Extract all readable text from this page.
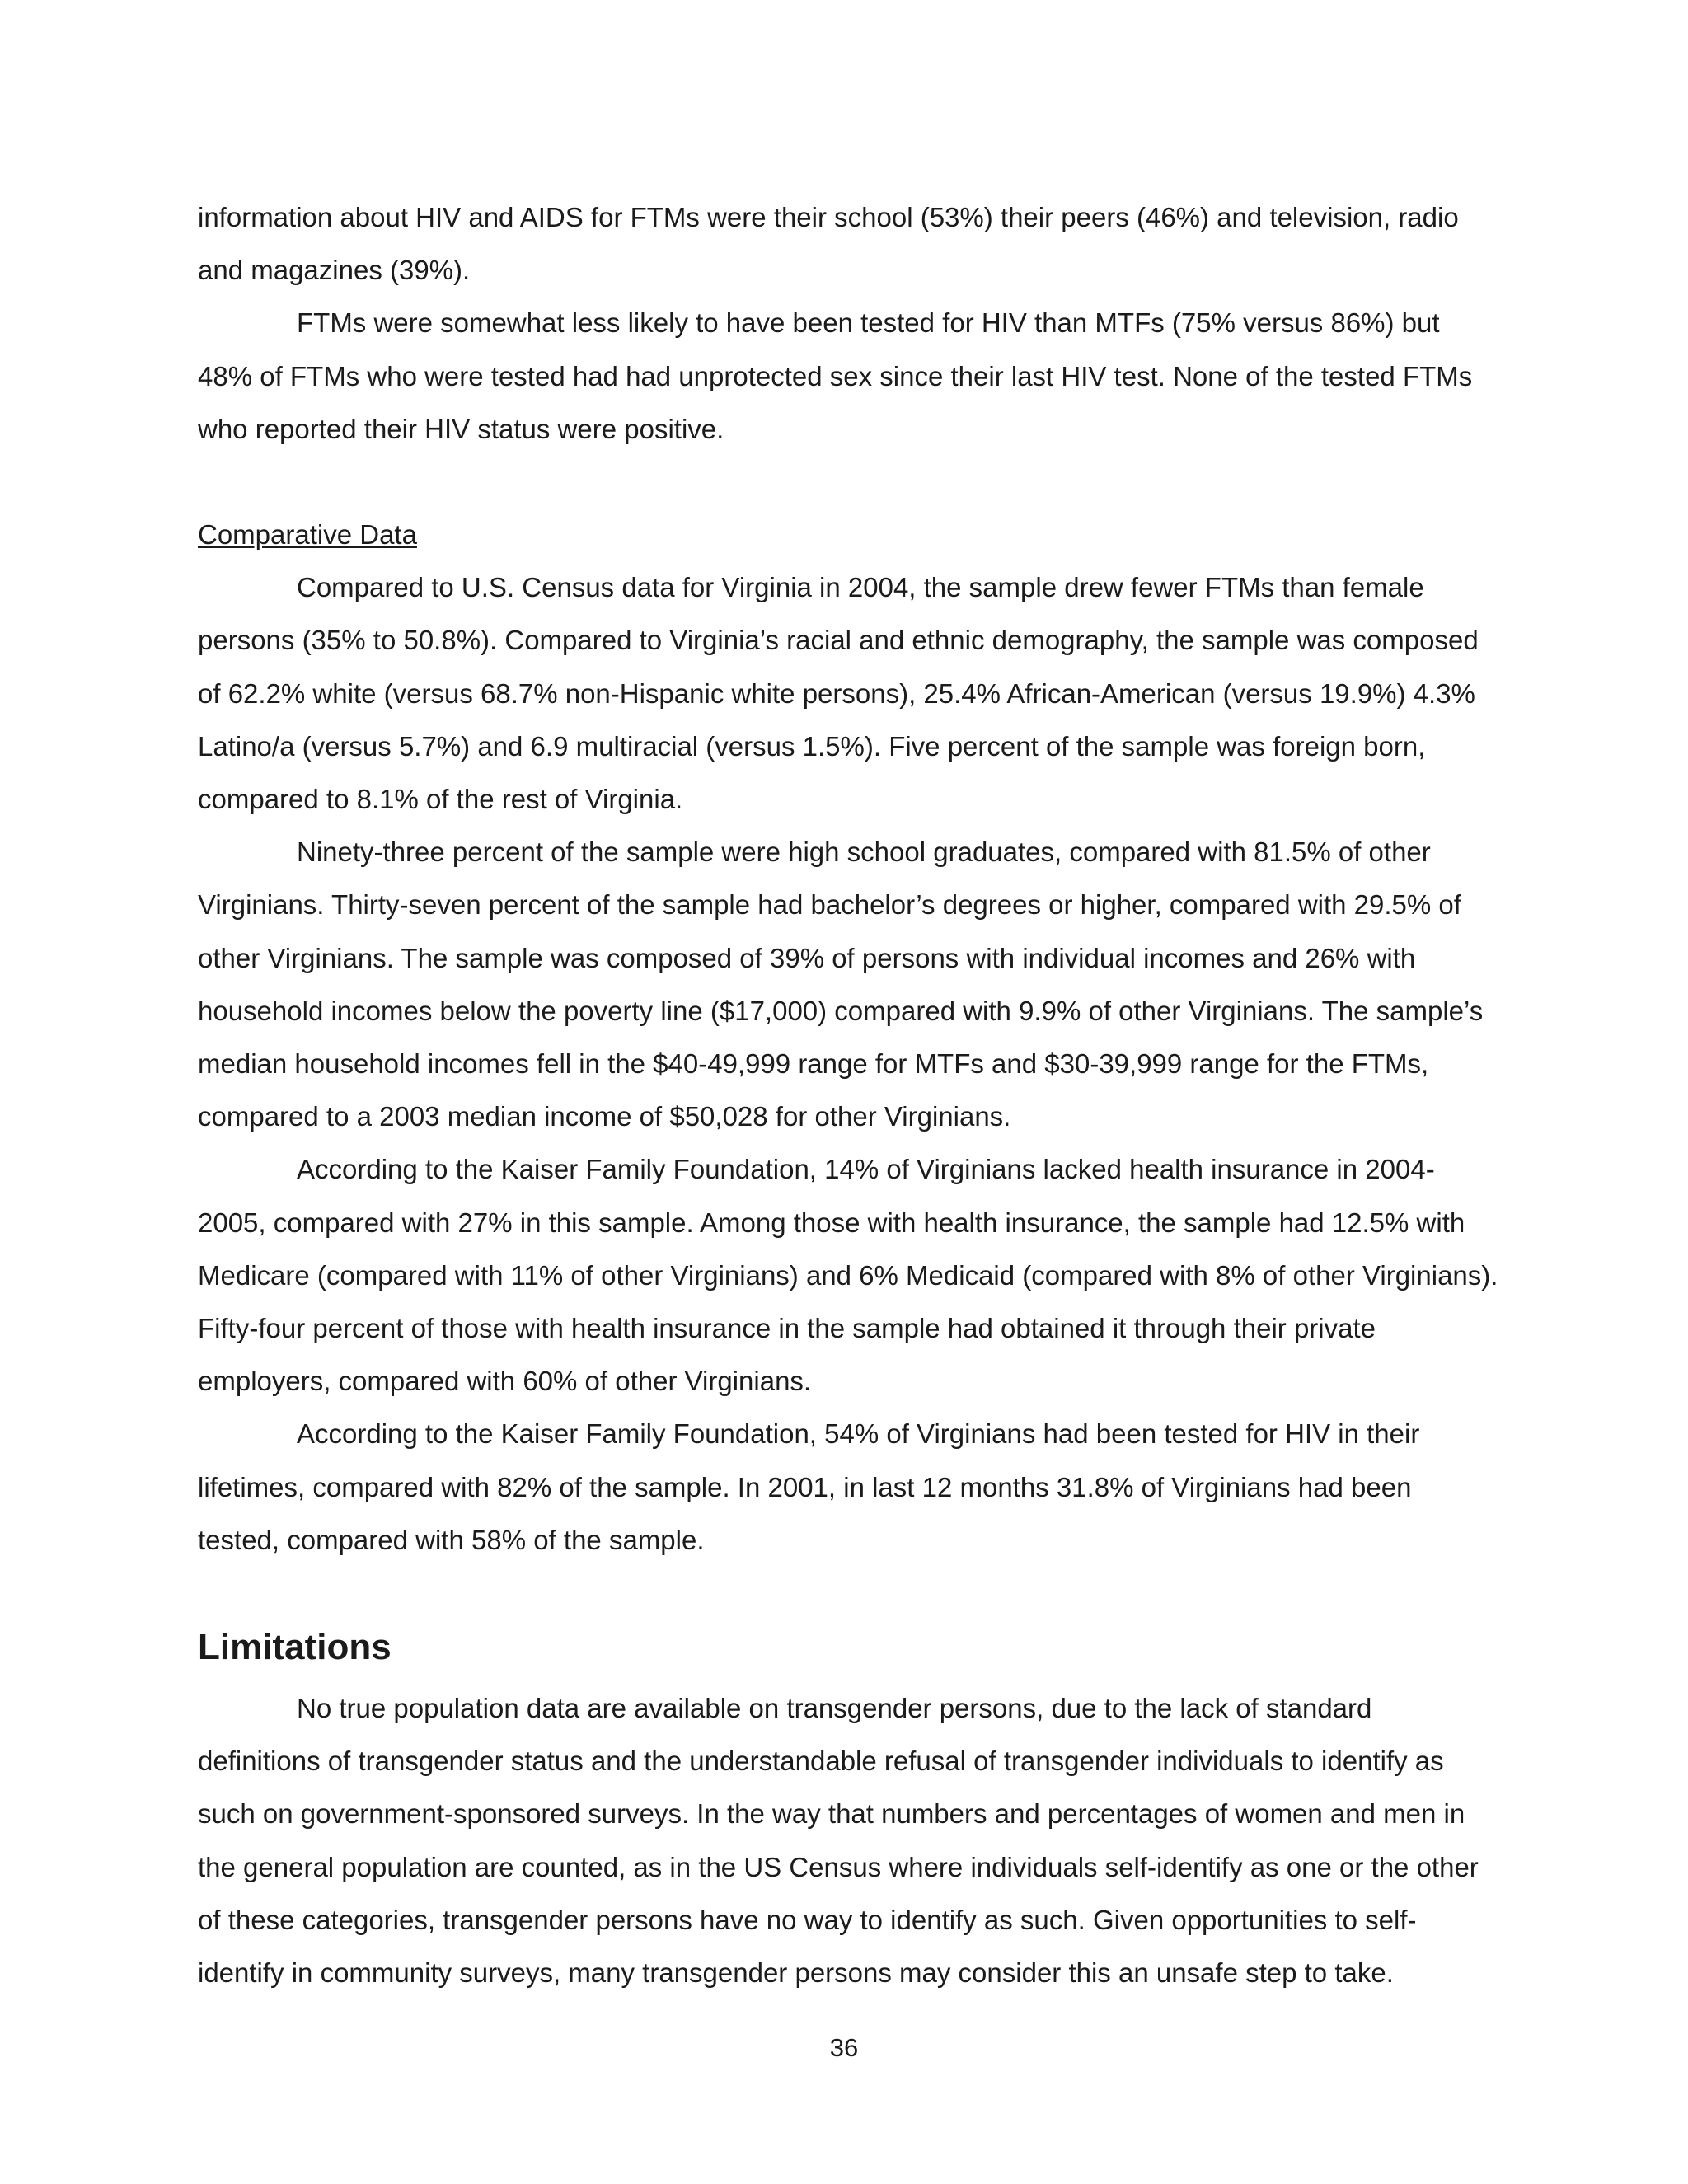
information about HIV and AIDS for FTMs were their school (53%) their peers (46%) and television, radio and magazines (39%).

FTMs were somewhat less likely to have been tested for HIV than MTFs (75% versus 86%) but 48% of FTMs who were tested had had unprotected sex since their last HIV test. None of the tested FTMs who reported their HIV status were positive.

Comparative Data

Compared to U.S. Census data for Virginia in 2004, the sample drew fewer FTMs than female persons (35% to 50.8%). Compared to Virginia’s racial and ethnic demography, the sample was composed of 62.2% white (versus 68.7% non-Hispanic white persons), 25.4% African-American (versus 19.9%) 4.3% Latino/a (versus 5.7%) and 6.9 multiracial (versus 1.5%). Five percent of the sample was foreign born, compared to 8.1% of the rest of Virginia.

Ninety-three percent of the sample were high school graduates, compared with 81.5% of other Virginians. Thirty-seven percent of the sample had bachelor’s degrees or higher, compared with 29.5% of other Virginians. The sample was composed of 39% of persons with individual incomes and 26% with household incomes below the poverty line ($17,000) compared with 9.9% of other Virginians. The sample’s median household incomes fell in the $40-49,999 range for MTFs and $30-39,999 range for the FTMs, compared to a 2003 median income of $50,028 for other Virginians.

According to the Kaiser Family Foundation, 14% of Virginians lacked health insurance in 2004-2005, compared with 27% in this sample. Among those with health insurance, the sample had 12.5% with Medicare (compared with 11% of other Virginians) and 6% Medicaid (compared with 8% of other Virginians). Fifty-four percent of those with health insurance in the sample had obtained it through their private employers, compared with 60% of other Virginians.

According to the Kaiser Family Foundation, 54% of Virginians had been tested for HIV in their lifetimes, compared with 82% of the sample. In 2001, in last 12 months 31.8% of Virginians had been tested, compared with 58% of the sample.

Limitations

No true population data are available on transgender persons, due to the lack of standard definitions of transgender status and the understandable refusal of transgender individuals to identify as such on government-sponsored surveys. In the way that numbers and percentages of women and men in the general population are counted, as in the US Census where individuals self-identify as one or the other of these categories, transgender persons have no way to identify as such. Given opportunities to self-identify in community surveys, many transgender persons may consider this an unsafe step to take.

36
